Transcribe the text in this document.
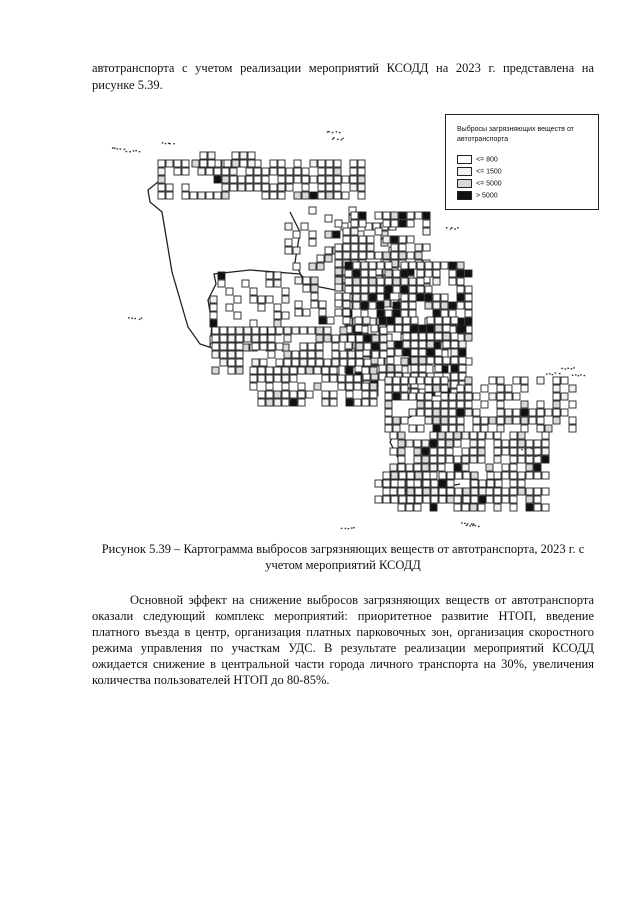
автотранспорта с учетом реализации мероприятий КСОДД на 2023 г. представлена на рисунке 5.39.

Выбросы загрязняющих веществ от автотранспорта
<= 800
<= 1500
<= 5000
> 5000
Рисунок 5.39 – Картограмма выбросов загрязняющих веществ от автотранспорта, 2023 г. с учетом мероприятий КСОДД

Основной эффект на снижение выбросов загрязняющих веществ от автотранспорта оказали следующий комплекс мероприятий: приоритетное развитие НТОП, введение платного въезда в центр, организация платных парковочных зон, организация скоростного режима управления по участкам УДС. В результате реализации мероприятий КСОДД ожидается снижение в центральной части города личного транспорта на 30%, увеличения количества пользователей НТОП до 80-85%.
